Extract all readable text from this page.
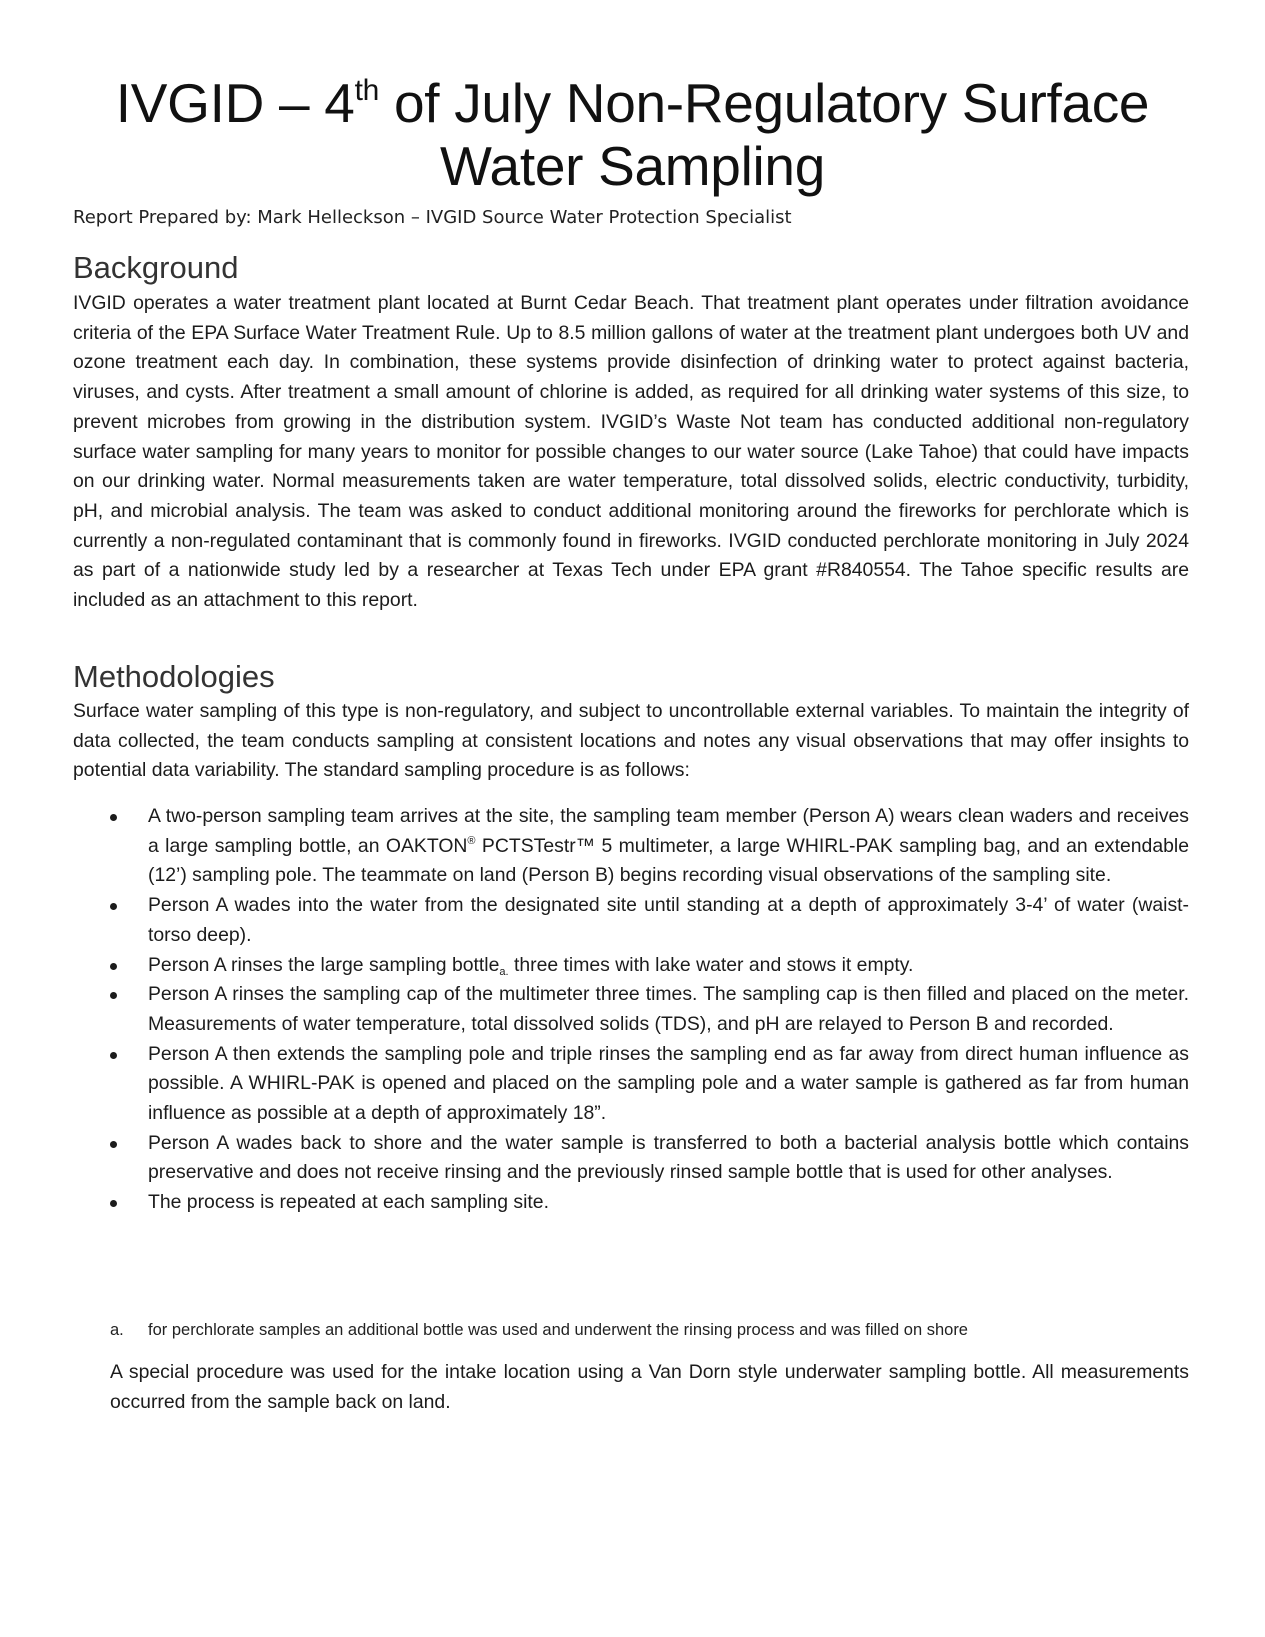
IVGID – 4th of July Non-Regulatory Surface Water Sampling
Report Prepared by: Mark Helleckson – IVGID Source Water Protection Specialist
Background
IVGID operates a water treatment plant located at Burnt Cedar Beach. That treatment plant operates under filtration avoidance criteria of the EPA Surface Water Treatment Rule. Up to 8.5 million gallons of water at the treatment plant undergoes both UV and ozone treatment each day. In combination, these systems provide disinfection of drinking water to protect against bacteria, viruses, and cysts. After treatment a small amount of chlorine is added, as required for all drinking water systems of this size, to prevent microbes from growing in the distribution system. IVGID’s Waste Not team has conducted additional non-regulatory surface water sampling for many years to monitor for possible changes to our water source (Lake Tahoe) that could have impacts on our drinking water. Normal measurements taken are water temperature, total dissolved solids, electric conductivity, turbidity, pH, and microbial analysis. The team was asked to conduct additional monitoring around the fireworks for perchlorate which is currently a non-regulated contaminant that is commonly found in fireworks. IVGID conducted perchlorate monitoring in July 2024 as part of a nationwide study led by a researcher at Texas Tech under EPA grant #R840554. The Tahoe specific results are included as an attachment to this report.
Methodologies
Surface water sampling of this type is non-regulatory, and subject to uncontrollable external variables. To maintain the integrity of data collected, the team conducts sampling at consistent locations and notes any visual observations that may offer insights to potential data variability. The standard sampling procedure is as follows:
A two-person sampling team arrives at the site, the sampling team member (Person A) wears clean waders and receives a large sampling bottle, an OAKTON® PCTSTestr™ 5 multimeter, a large WHIRL-PAK sampling bag, and an extendable (12’) sampling pole. The teammate on land (Person B) begins recording visual observations of the sampling site.
Person A wades into the water from the designated site until standing at a depth of approximately 3-4’ of water (waist-torso deep).
Person A rinses the large sampling bottle$_{a.}$ three times with lake water and stows it empty.
Person A rinses the sampling cap of the multimeter three times. The sampling cap is then filled and placed on the meter. Measurements of water temperature, total dissolved solids (TDS), and pH are relayed to Person B and recorded.
Person A then extends the sampling pole and triple rinses the sampling end as far away from direct human influence as possible. A WHIRL-PAK is opened and placed on the sampling pole and a water sample is gathered as far from human influence as possible at a depth of approximately 18”.
Person A wades back to shore and the water sample is transferred to both a bacterial analysis bottle which contains preservative and does not receive rinsing and the previously rinsed sample bottle that is used for other analyses.
The process is repeated at each sampling site.
a. for perchlorate samples an additional bottle was used and underwent the rinsing process and was filled on shore
A special procedure was used for the intake location using a Van Dorn style underwater sampling bottle. All measurements occurred from the sample back on land.
